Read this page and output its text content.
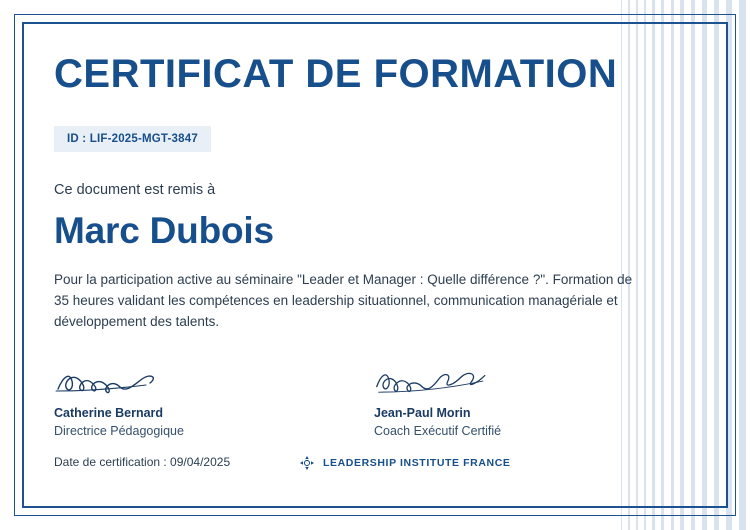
CERTIFICAT DE FORMATION
ID : LIF-2025-MGT-3847
Ce document est remis à
Marc Dubois
Pour la participation active au séminaire "Leader et Manager : Quelle différence ?". Formation de 35 heures validant les compétences en leadership situationnel, communication managériale et développement des talents.
Catherine Bernard
Directrice Pédagogique
Jean-Paul Morin
Coach Exécutif Certifié
Date de certification : 09/04/2025	LEADERSHIP INSTITUTE FRANCE
